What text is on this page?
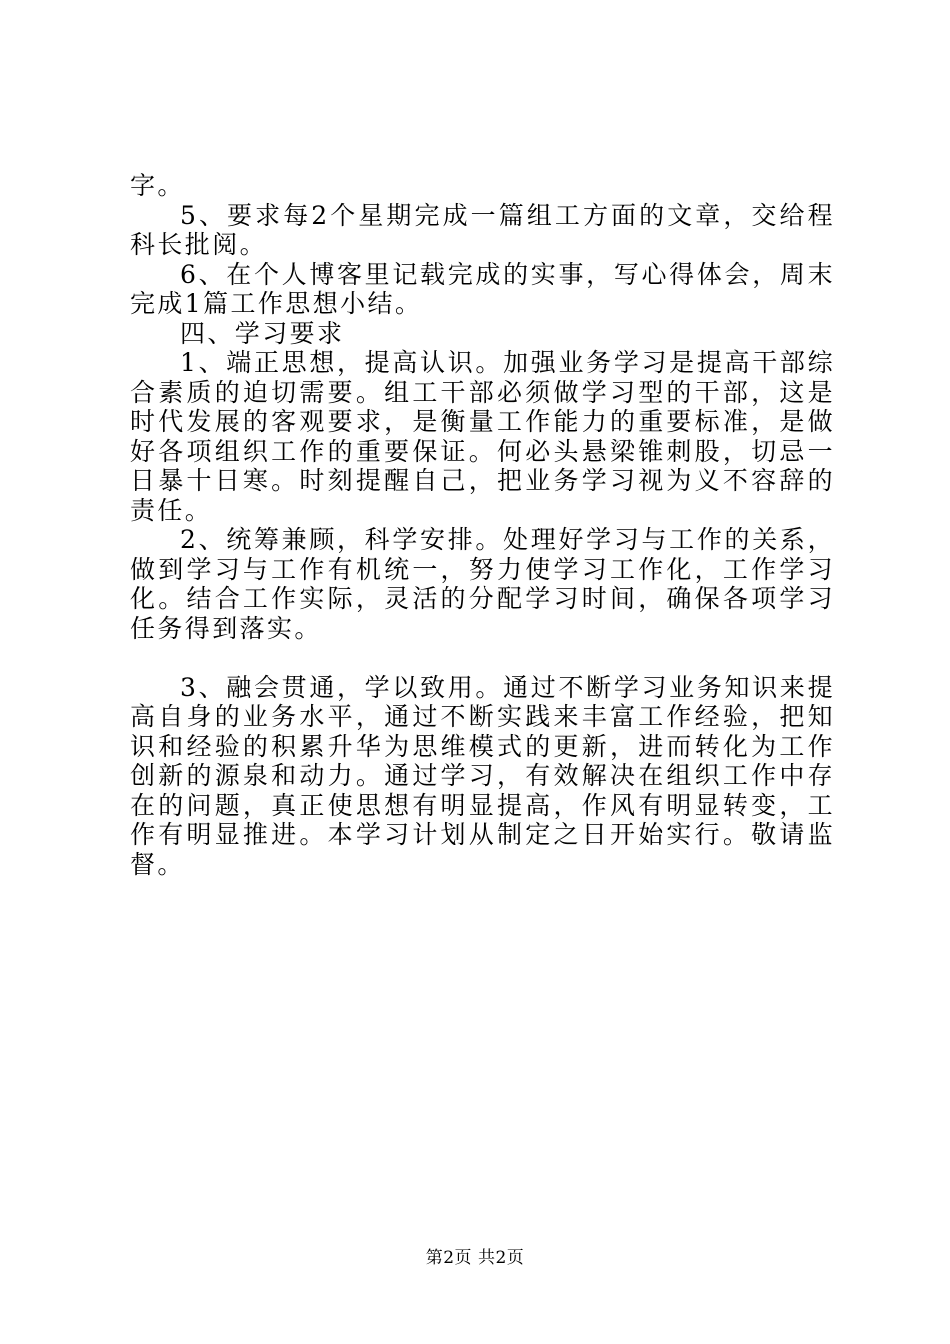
字。

5、要求每2个星期完成一篇组工方面的文章，交给程科长批阅。

6、在个人博客里记载完成的实事，写心得体会，周末完成1篇工作思想小结。

四、学习要求

1、端正思想，提高认识。加强业务学习是提高干部综合素质的迫切需要。组工干部必须做学习型的干部，这是时代发展的客观要求，是衡量工作能力的重要标准，是做好各项组织工作的重要保证。何必头悬梁锥刺股，切忌一日暴十日寒。时刻提醒自己，把业务学习视为义不容辞的责任。

2、统筹兼顾，科学安排。处理好学习与工作的关系，做到学习与工作有机统一，努力使学习工作化，工作学习化。结合工作实际，灵活的分配学习时间，确保各项学习任务得到落实。

3、融会贯通，学以致用。通过不断学习业务知识来提高自身的业务水平，通过不断实践来丰富工作经验，把知识和经验的积累升华为思维模式的更新，进而转化为工作创新的源泉和动力。通过学习，有效解决在组织工作中存在的问题，真正使思想有明显提高，作风有明显转变，工作有明显推进。本学习计划从制定之日开始实行。敬请监督。

第2页 共2页
